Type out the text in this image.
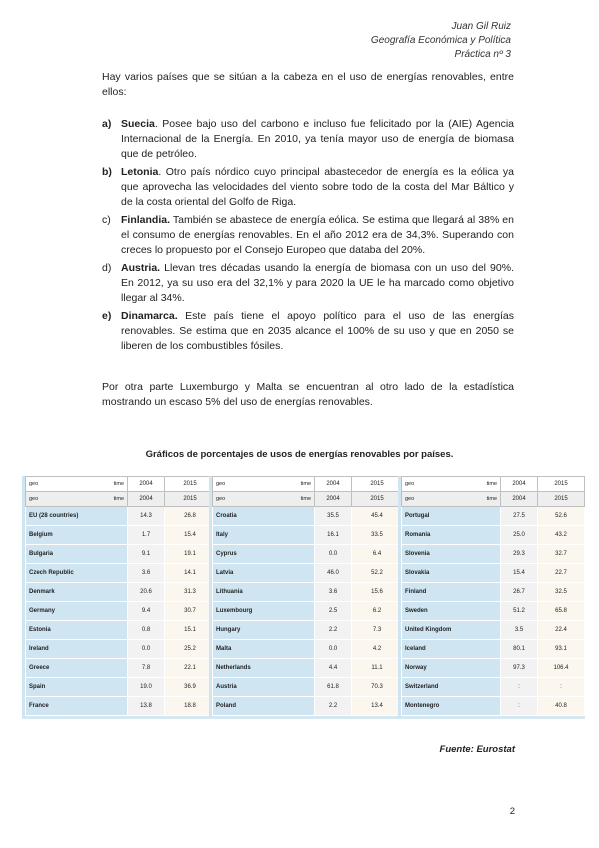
Juan Gil Ruiz
Geografía Económica y Política
Práctica nº 3

Hay varios países que se sitúan a la cabeza en el uso de energías renovables, entre ellos:

a) Suecia. Posee bajo uso del carbono e incluso fue felicitado por la (AIE) Agencia Internacional de la Energía. En 2010, ya tenía mayor uso de energía de biomasa que de petróleo.
b) Letonia. Otro país nórdico cuyo principal abastecedor de energía es la eólica ya que aprovecha las velocidades del viento sobre todo de la costa del Mar Báltico y de la costa oriental del Golfo de Riga.
c) Finlandia. También se abastece de energía eólica. Se estima que llegará al 38% en el consumo de energías renovables. En el año 2012 era de 34,3%. Superando con creces lo propuesto por el Consejo Europeo que databa del 20%.
d) Austria. Llevan tres décadas usando la energía de biomasa con un uso del 90%. En 2012, ya su uso era del 32,1% y para 2020 la UE le ha marcado como objetivo llegar al 34%.
e) Dinamarca. Este país tiene el apoyo político para el uso de las energías renovables. Se estima que en 2035 alcance el 100% de su uso y que en 2050 se liberen de los combustibles fósiles.

Por otra parte Luxemburgo y Malta se encuentran al otro lado de la estadística mostrando un escaso 5% del uso de energías renovables.

Gráficos de porcentajes de usos de energías renovables por países.
geo time	2004	2015

geo time	2004	2015
EU (28 countries)	14.3	26.8
Belgium	1.7	15.4
Bulgaria	9.1	19.1
Czech Republic	3.6	14.1
Denmark	20.6	31.3
Germany	9.4	30.7
Estonia	0.8	15.1
Ireland	0.0	25.2
Greece	7.8	22.1
Spain	19.0	36.9
France	13.8	18.8
geo time	2004	2015

geo time	2004	2015
Croatia	35.5	45.4
Italy	16.1	33.5
Cyprus	0.0	6.4
Latvia	46.0	52.2
Lithuania	3.6	15.6
Luxembourg	2.5	6.2
Hungary	2.2	7.3
Malta	0.0	4.2
Netherlands	4.4	11.1
Austria	61.8	70.3
Poland	2.2	13.4
geo time	2004	2015

geo time	2004	2015
Portugal	27.5	52.6
Romania	25.0	43.2
Slovenia	29.3	32.7
Slovakia	15.4	22.7
Finland	26.7	32.5
Sweden	51.2	65.8
United Kingdom	3.5	22.4
Iceland	80.1	93.1
Norway	97.3	106.4
Switzerland	:	:
Montenegro	:	40.8
Fuente: Eurostat
2
